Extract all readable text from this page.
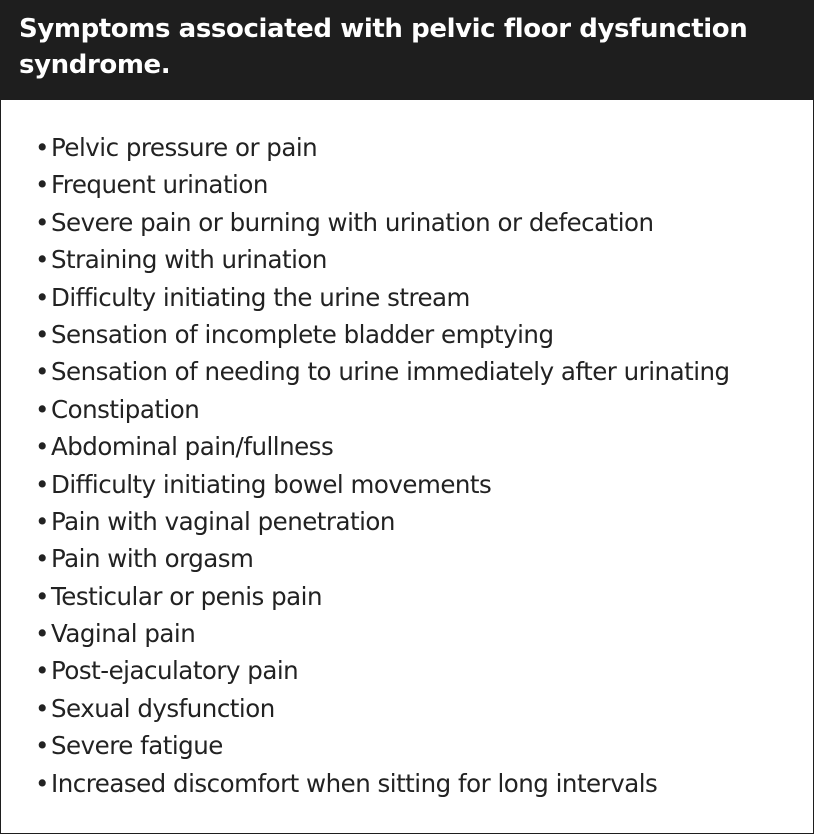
Symptoms associated with pelvic floor dysfunction syndrome.
•Pelvic pressure or pain
•Frequent urination
•Severe pain or burning with urination or defecation
•Straining with urination
•Difficulty initiating the urine stream
•Sensation of incomplete bladder emptying
•Sensation of needing to urine immediately after urinating
•Constipation
•Abdominal pain/fullness
•Difficulty initiating bowel movements
•Pain with vaginal penetration
•Pain with orgasm
•Testicular or penis pain
•Vaginal pain
•Post-ejaculatory pain
•Sexual dysfunction
•Severe fatigue
•Increased discomfort when sitting for long intervals
